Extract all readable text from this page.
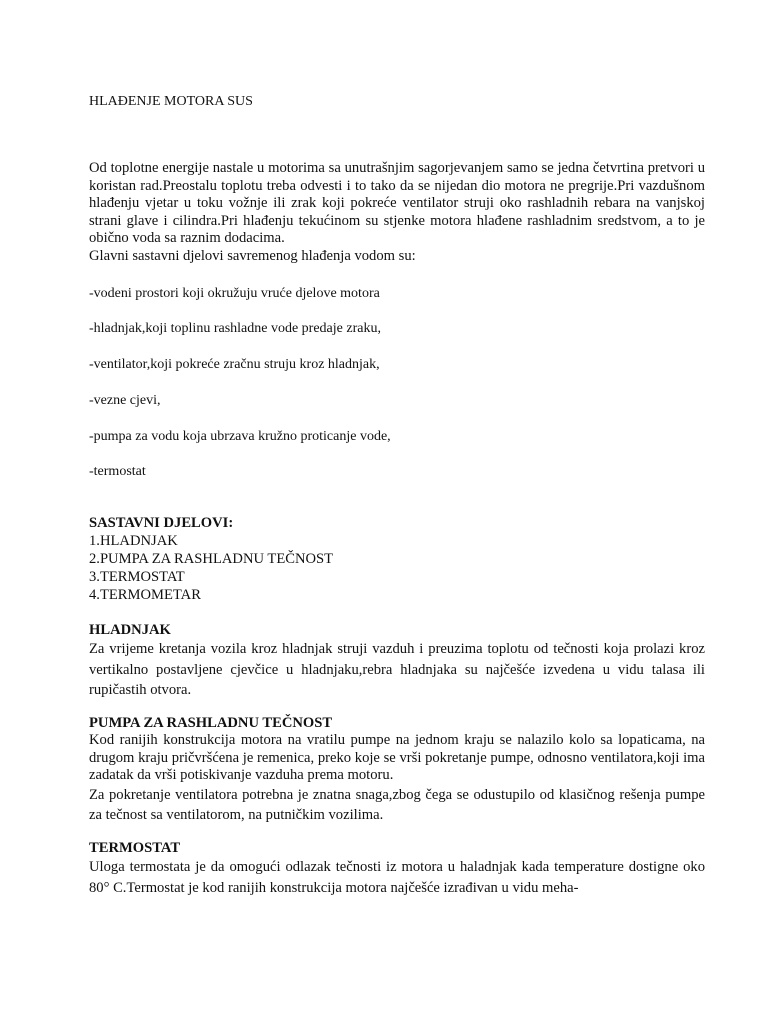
HLAĐENJE MOTORA SUS

Od toplotne energije nastale u motorima sa unutrašnjim sagorjevanjem samo se jedna četvrtina pretvori u koristan rad.Preostalu toplotu treba odvesti i to tako da se nijedan dio motora ne pregrije.Pri vazdušnom hlađenju vjetar u toku vožnje ili zrak koji pokreće ventilator struji oko rashladnih rebara na vanjskoj strani glave i cilindra.Pri hlađenju tekućinom su stjenke motora hlađene rashladnim sredstvom, a to je obično voda sa raznim dodacima.

Glavni sastavni djelovi savremenog hlađenja vodom su:

-vodeni prostori koji okružuju vruće djelove motora
-hladnjak,koji toplinu rashladne vode predaje zraku,
-ventilator,koji pokreće zračnu struju kroz hladnjak,
-vezne cjevi,
-pumpa za vodu koja ubrzava kružno proticanje vode,
-termostat
SASTAVNI DJELOVI:
1.HLADNJAK
2.PUMPA ZA RASHLADNU TEČNOST
3.TERMOSTAT
4.TERMOMETAR
HLADNJAK

Za vrijeme kretanja vozila kroz hladnjak struji vazduh i preuzima toplotu od tečnosti koja prolazi kroz vertikalno postavljene cjevčice u hladnjaku,rebra hladnjaka su najčešće izvedena u vidu talasa ili rupičastih otvora.

PUMPA ZA RASHLADNU TEČNOST

Kod ranijih konstrukcija motora na vratilu pumpe na jednom kraju se nalazilo kolo sa lopaticama, na drugom kraju pričvršćena je remenica, preko koje se vrši pokretanje pumpe, odnosno ventilatora,koji ima zadatak da vrši potiskivanje vazduha prema motoru.

Za pokretanje ventilatora potrebna je znatna snaga,zbog čega se odustupilo od klasičnog rešenja pumpe za tečnost sa ventilatorom, na putničkim vozilima.

TERMOSTAT

Uloga termostata je da omogući odlazak tečnosti iz motora u haladnjak kada temperature dostigne oko 80° C.Termostat je kod ranijih konstrukcija motora najčešće izrađivan u vidu meha-
